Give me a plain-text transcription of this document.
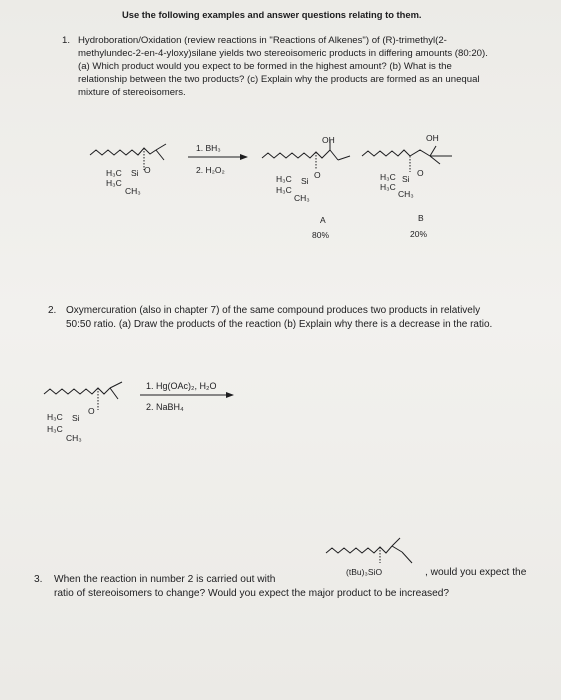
Use the following examples and answer questions relating to them.
1. Hydroboration/Oxidation (review reactions in "Reactions of Alkenes") of (R)-trimethyl(2-
methylundec-2-en-4-yloxy)silane yields two stereoisomeric products in differing amounts (80:20).
(a) Which product would you expect to be formed in the highest amount? (b) What is the
relationship between the two products? (c) Explain why the products are formed as an unequal
mixture of stereoisomers.
2. Oxymercuration (also in chapter 7) of the same compound produces two products in relatively
50:50 ratio. (a) Draw the products of the reaction (b) Explain why there is a decrease in the ratio.
3. When the reaction in number 2 is carried out with
, would you expect the
ratio of stereoisomers to change? Would you expect the major product to be increased?
H₃C Si O
H₃C
CH₃
1. BH₃
2. H₂O₂
OH
H₃C Si
O
H₃C
CH₃
A
80%
OH
H₃C Si
O
H₃C
CH₃
B
20%
H₃C Si
O
H₃C
CH₃
1. Hg(OAc)₂, H₂O
2. NaBH₄
(tBu)₃SiO
